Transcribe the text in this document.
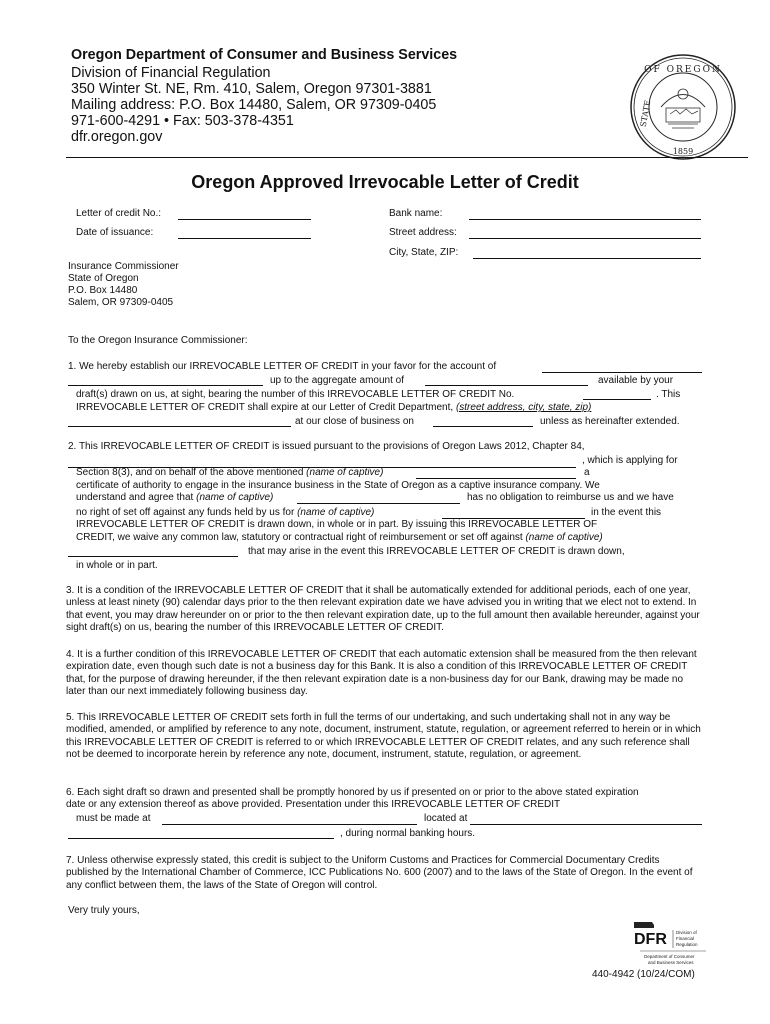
Oregon Department of Consumer and Business Services
Division of Financial Regulation
350 Winter St. NE, Rm. 410, Salem, Oregon 97301-3881
Mailing address: P.O. Box 14480, Salem, OR 97309-0405
971-600-4291 • Fax: 503-378-4351
dfr.oregon.gov
OF OREGON
STATE
1859
Oregon Approved Irrevocable Letter of Credit
Letter of credit No.:
Date of issuance:
Bank name:
Street address:
City, State, ZIP:
Insurance Commissioner
State of Oregon
P.O. Box 14480
Salem, OR 97309-0405
To the Oregon Insurance Commissioner:
1. We hereby establish our IRREVOCABLE LETTER OF CREDIT in your favor for the account of
up to the aggregate amount of	available by your
draft(s) drawn on us, at sight, bearing the number of this IRREVOCABLE LETTER OF CREDIT No.	. This
IRREVOCABLE LETTER OF CREDIT shall expire at our Letter of Credit Department, (street address, city, state, zip)
at our close of business on	unless as hereinafter extended.
2. This IRREVOCABLE LETTER OF CREDIT is issued pursuant to the provisions of Oregon Laws 2012, Chapter 84,
, which is applying for
Section 8(3), and on behalf of the above mentioned (name of captive)	a
certificate of authority to engage in the insurance business in the State of Oregon as a captive insurance company. We
understand and agree that (name of captive)	has no obligation to reimburse us and we have
no right of set off against any funds held by us for (name of captive)	in the event this
IRREVOCABLE LETTER OF CREDIT is drawn down, in whole or in part. By issuing this IRREVOCABLE LETTER OF
CREDIT, we waive any common law, statutory or contractual right of reimbursement or set off against (name of captive)
that may arise in the event this IRREVOCABLE LETTER OF CREDIT is drawn down,
in whole or in part.
3. It is a condition of the IRREVOCABLE LETTER OF CREDIT that it shall be automatically extended for additional periods, each of one year, unless at least ninety (90) calendar days prior to the then relevant expiration date we have advised you in writing that we elect not to extend. In that event, you may draw hereunder on or prior to the then relevant expiration date, up to the full amount then available hereunder, against your sight draft(s) on us, bearing the number of this IRREVOCABLE LETTER OF CREDIT.
4. It is a further condition of this IRREVOCABLE LETTER OF CREDIT that each automatic extension shall be measured from the then relevant expiration date, even though such date is not a business day for this Bank. It is also a condition of this IRREVOCABLE LETTER OF CREDIT that, for the purpose of drawing hereunder, if the then relevant expiration date is a non-business day for our Bank, drawing may be made no later than our next immediately following business day.
5. This IRREVOCABLE LETTER OF CREDIT sets forth in full the terms of our undertaking, and such undertaking shall not in any way be modified, amended, or amplified by reference to any note, document, instrument, statute, regulation, or agreement referred to herein or in which this IRREVOCABLE LETTER OF CREDIT is referred to or which IRREVOCABLE LETTER OF CREDIT relates, and any such reference shall not be deemed to incorporate herein by reference any note, document, instrument, statute, regulation, or agreement.
6. Each sight draft so drawn and presented shall be promptly honored by us if presented on or prior to the above stated expiration
date or any extension thereof as above provided. Presentation under this IRREVOCABLE LETTER OF CREDIT
must be made at	located at
, during normal banking hours.
7. Unless otherwise expressly stated, this credit is subject to the Uniform Customs and Practices for Commercial Documentary Credits published by the International Chamber of Commerce, ICC Publications No. 600 (2007) and to the laws of the State of Oregon. In the event of any conflict between them, the laws of the State of Oregon will control.
Very truly yours,
DFR Division of
Financial
Regulation
Department of Consumer
and Business Services
440-4942 (10/24/COM)
